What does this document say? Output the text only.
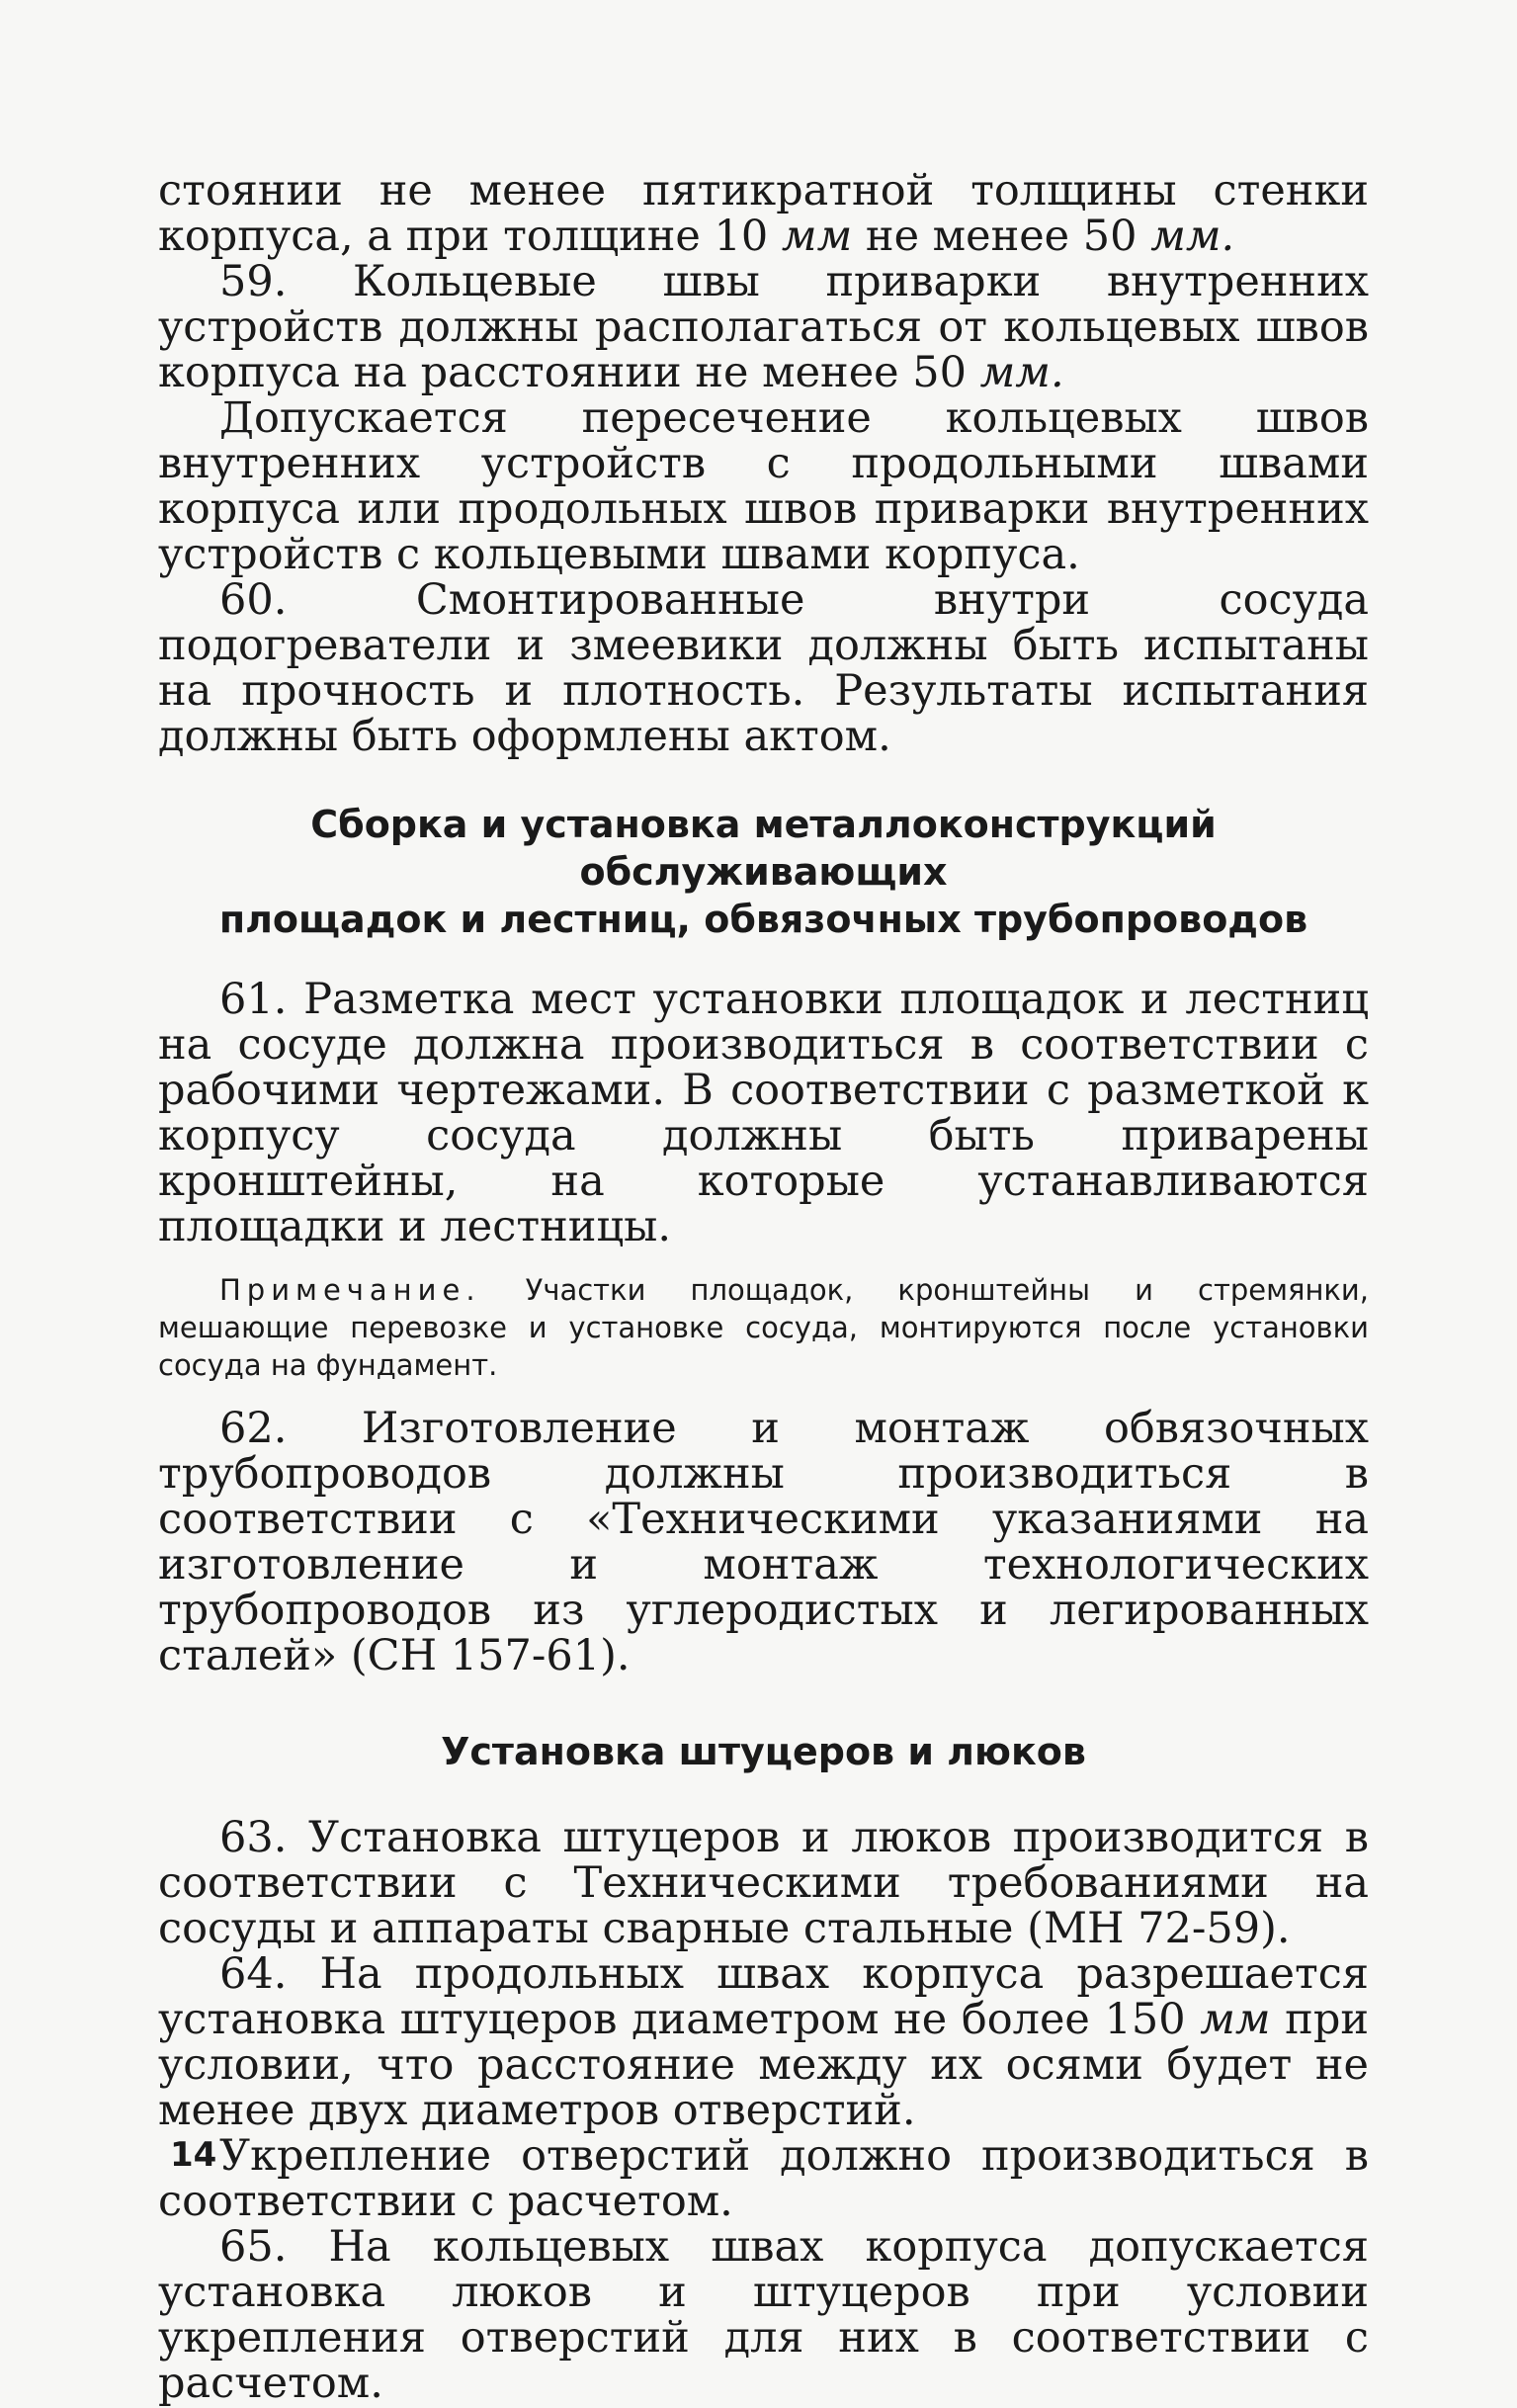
стоянии не менее пятикратной толщины стенки корпуса, а при толщине 10 мм не менее 50 мм.

59. Кольцевые швы приварки внутренних устройств должны располагаться от кольцевых швов корпуса на расстоянии не менее 50 мм.

Допускается пересечение кольцевых швов внутренних устройств с продольными швами корпуса или продольных швов приварки внутренних устройств с кольцевыми швами корпуса.

60. Смонтированные внутри сосуда подогреватели и змеевики должны быть испытаны на прочность и плотность. Результаты испытания должны быть оформлены актом.

Сборка и установка металлоконструкций обслуживающих
площадок и лестниц, обвязочных трубопроводов

61. Разметка мест установки площадок и лестниц на сосуде должна производиться в соответствии с рабочими чертежами. В соответствии с разметкой к корпусу сосуда должны быть приварены кронштейны, на которые устанавливаются площадки и лестницы.

Примечание. Участки площадок, кронштейны и стремянки, мешающие перевозке и установке сосуда, монтируются после установки сосуда на фундамент.

62. Изготовление и монтаж обвязочных трубопроводов должны производиться в соответствии с «Техническими указаниями на изготовление и монтаж технологических трубопроводов из углеродистых и легированных сталей» (СН 157-61).

Установка штуцеров и люков

63. Установка штуцеров и люков производится в соответствии с Техническими требованиями на сосуды и аппараты сварные стальные (МН 72-59).

64. На продольных швах корпуса разрешается установка штуцеров диаметром не более 150 мм при условии, что расстояние между их осями будет не менее двух диаметров отверстий.

Укрепление отверстий должно производиться в соответствии с расчетом.

65. На кольцевых швах корпуса допускается установка люков и штуцеров при условии укрепления отверстий для них в соответствии с расчетом.

14
